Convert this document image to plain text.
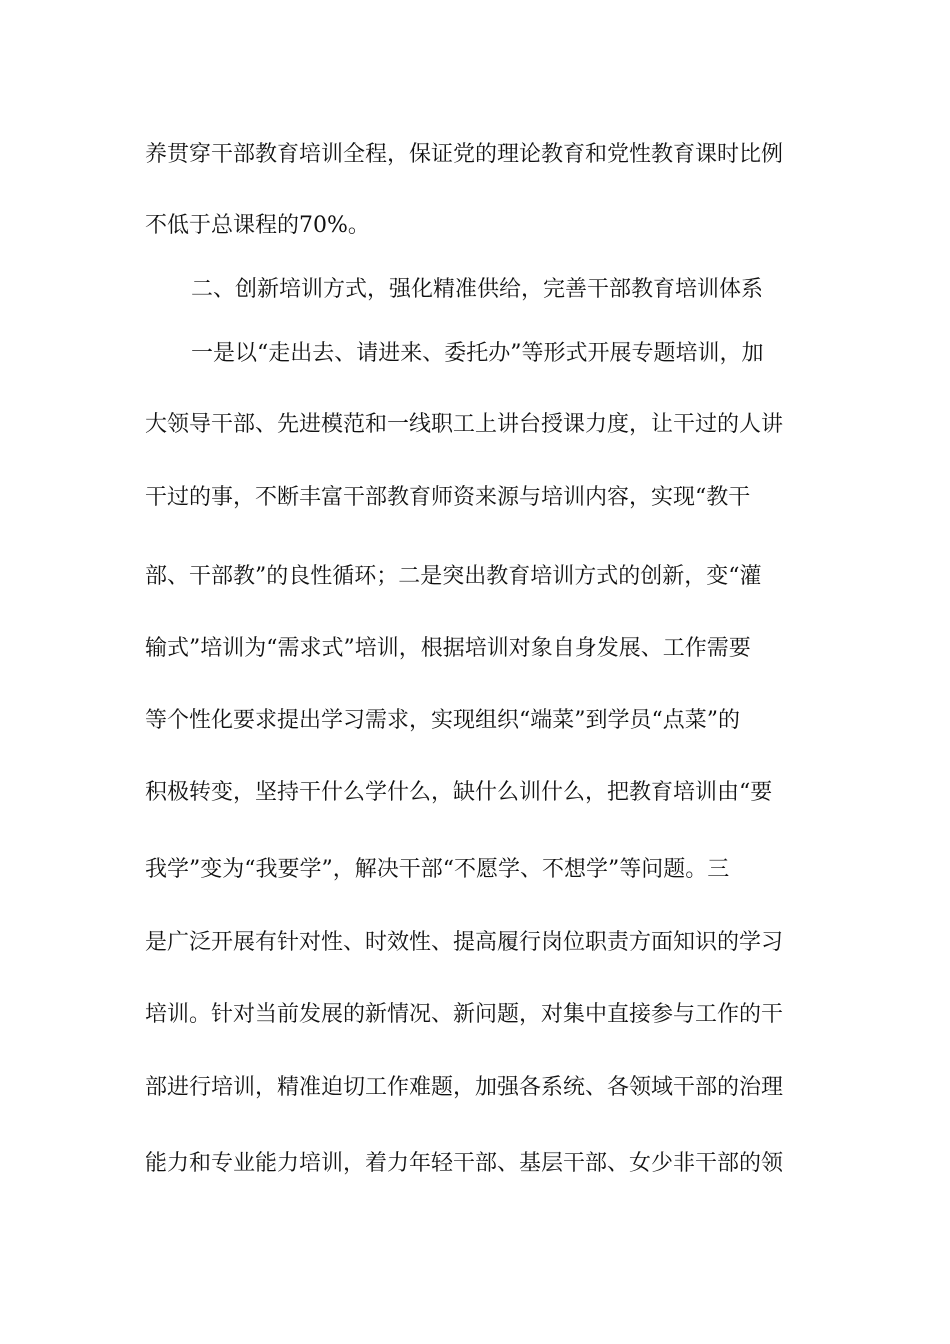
养贯穿干部教育培训全程，保证党的理论教育和党性教育课时比例
不低于总课程的70%。
二、创新培训方式，强化精准供给，完善干部教育培训体系
一是以“走出去、请进来、委托办”等形式开展专题培训，加
大领导干部、先进模范和一线职工上讲台授课力度，让干过的人讲
干过的事，不断丰富干部教育师资来源与培训内容，实现“教干
部、干部教”的良性循环；二是突出教育培训方式的创新，变“灌
输式”培训为“需求式”培训，根据培训对象自身发展、工作需要
等个性化要求提出学习需求，实现组织“端菜”到学员“点菜”的
积极转变，坚持干什么学什么，缺什么训什么，把教育培训由“要
我学”变为“我要学”，解决干部“不愿学、不想学”等问题。三
是广泛开展有针对性、时效性、提高履行岗位职责方面知识的学习
培训。针对当前发展的新情况、新问题，对集中直接参与工作的干
部进行培训，精准迫切工作难题，加强各系统、各领域干部的治理
能力和专业能力培训，着力年轻干部、基层干部、女少非干部的领
